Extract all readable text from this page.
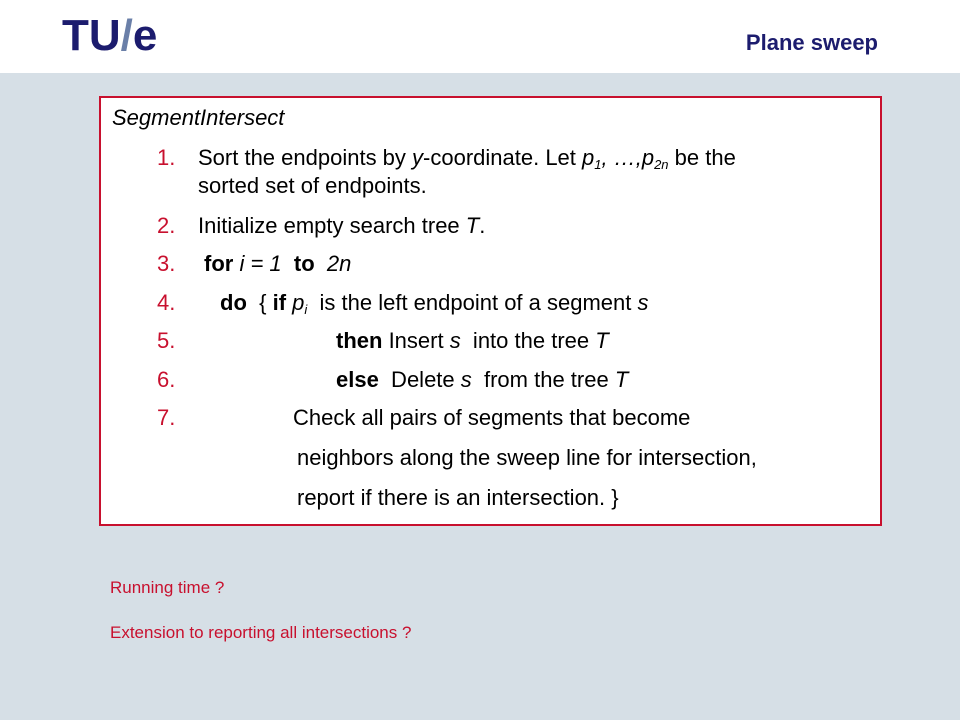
TU/e	Plane sweep
SegmentIntersect
1. Sort the endpoints by y-coordinate. Let $p_1$, $\dots,p_{2n}$ be the
sorted set of endpoints.
2. Initialize empty search tree T.
3. for i = 1 to 2n
4. do  { if $p_i$  is the left endpoint of a segment s
5.	then Insert s  into the tree T
6.	else  Delete s  from the tree T
7.	Check all pairs of segments that become
neighbors along the sweep line for intersection,
report if there is an intersection. }
Running time ?
Extension to reporting all intersections ?
